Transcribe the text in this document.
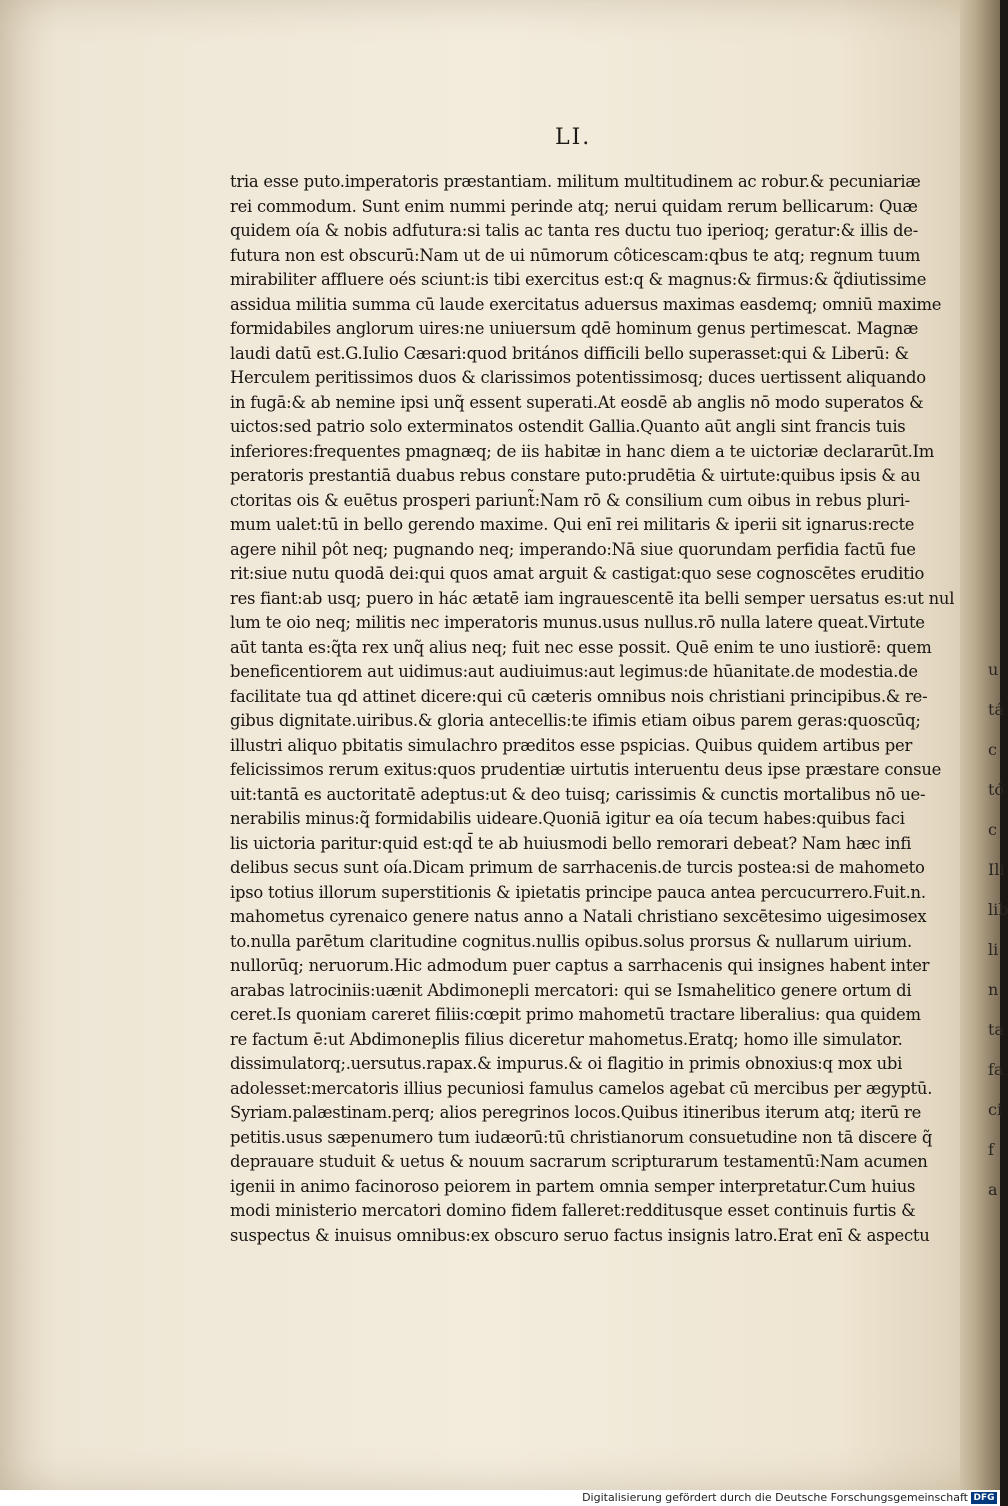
LI.
tria esse puto.imperatoris præstantiam. militum multitudinem ac robur.& pecuniariæ
rei commodum. Sunt enim nummi perinde atq; nerui quidam rerum bellicarum: Quæ
quidem oía & nobis adfutura:si talis ac tanta res ductu tuo iperioq; geratur:& illis de-
futura non est obscurū:Nam ut de ui nūmorum côticescam:qbus te atq; regnum tuum
mirabiliter affluere oés sciunt:is tibi exercitus est:q & magnus:& firmus:& q̃diutissime
assidua militia summa cū laude exercitatus aduersus maximas easdemq; omniū maxime
formidabiles anglorum uires:ne uniuersum qdē hominum genus pertimescat. Magnæ
laudi datū est.G.Iulio Cæsari:quod britános difficili bello superasset:qui & Liberū: &
Herculem peritissimos duos & clarissimos potentissimosq; duces uertissent aliquando
in fugā:& ab nemine ipsi unq̃ essent superati.At eosdē ab anglis nō modo superatos &
uictos:sed patrio solo exterminatos ostendit Gallia.Quanto aūt angli sint francis tuis
inferiores:frequentes pmagnæq; de iis habitæ in hanc diem a te uictoriæ declararūt.Im
peratoris prestantiā duabus rebus constare puto:prudētia & uirtute:quibus ipsis & au
ctoritas ois & euētus prosperi pariunt̃:Nam rō & consilium cum oibus in rebus pluri-
mum ualet:tū in bello gerendo maxime. Qui enī rei militaris & iperii sit ignarus:recte
agere nihil pôt neq; pugnando neq; imperando:Nā siue quorundam perfidia factū fue
rit:siue nutu quodā dei:qui quos amat arguit & castigat:quo sese cognoscētes eruditio
res fiant:ab usq; puero in hác ætatē iam ingrauescentē ita belli semper uersatus es:ut nul
lum te oio neq; militis nec imperatoris munus.usus nullus.rō nulla latere queat.Virtute
aūt tanta es:q̃ta rex unq̃ alius neq; fuit nec esse possit. Quē enim te uno iustiorē: quem
beneficentiorem aut uidimus:aut audiuimus:aut legimus:de hūanitate.de modestia.de
facilitate tua qd attinet dicere:qui cū cæteris omnibus nois christiani principibus.& re-
gibus dignitate.uiribus.& gloria antecellis:te ifimis etiam oibus parem geras:quoscūq;
illustri aliquo pbitatis simulachro præditos esse pspicias. Quibus quidem artibus per
felicissimos rerum exitus:quos prudentiæ uirtutis interuentu deus ipse præstare consue
uit:tantā es auctoritatē adeptus:ut & deo tuisq; carissimis & cunctis mortalibus nō ue-
nerabilis minus:q̃ formidabilis uideare.Quoniā igitur ea oía tecum habes:quibus faci
lis uictoria paritur:quid est:qd̄ te ab huiusmodi bello remorari debeat? Nam hæc infi
delibus secus sunt oía.Dicam primum de sarrhacenis.de turcis postea:si de mahometo
ipso totius illorum superstitionis & ipietatis principe pauca antea percucurrero.Fuit.n.
mahometus cyrenaico genere natus anno a Natali christiano sexcētesimo uigesimosex
to.nulla parētum claritudine cognitus.nullis opibus.solus prorsus & nullarum uirium.
nullorūq; neruorum.Hic admodum puer captus a sarrhacenis qui insignes habent inter
arabas latrociniis:uænit Abdimonepli mercatori: qui se Ismahelitico genere ortum di
ceret.Is quoniam careret filiis:cœpit primo mahometū tractare liberalius: qua quidem
re factum ē:ut Abdimoneplis filius diceretur mahometus.Eratq; homo ille simulator.
dissimulatorq;.uersutus.rapax.& impurus.& oi flagitio in primis obnoxius:q mox ubi
adolesset:mercatoris illius pecuniosi famulus camelos agebat cū mercibus per ægyptū.
Syriam.palæstinam.perq; alios peregrinos locos.Quibus itineribus iterum atq; iterū re
petitis.usus sæpenumero tum iudæorū:tū christianorum consuetudine non tā discere q̃
deprauare studuit & uetus & nouum sacrarum scripturarum testamentū:Nam acumen
igenii in animo facinoroso peiorem in partem omnia semper interpretatur.Cum huius
modi ministerio mercatori domino fidem falleret:redditusque esset continuis furtis &
suspectus & inuisus omnibus:ex obscuro seruo factus insignis latro.Erat enī & aspectu
u
tá
c
tó
c
Ili
lib
li
n
ta
fa
ci
f
a
Digitalisierung gefördert durch die Deutsche Forschungsgemeinschaft DFG
